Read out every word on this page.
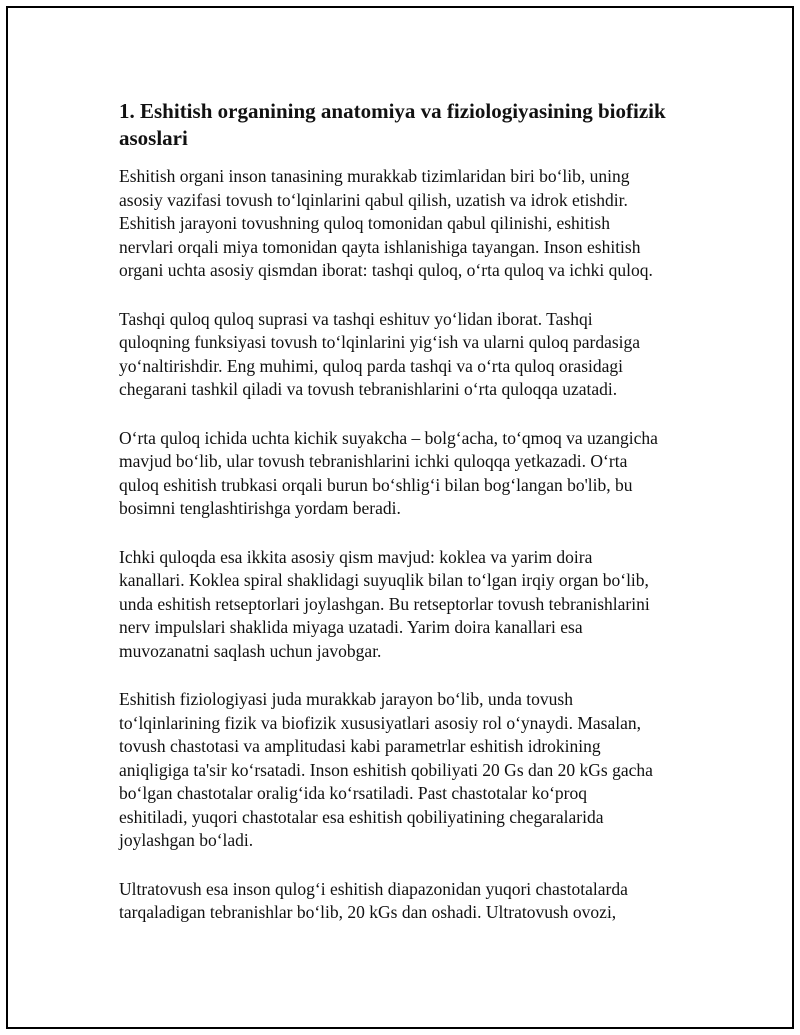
1. Eshitish organining anatomiya va fiziologiyasining biofizik
asoslari

Eshitish organi inson tanasining murakkab tizimlaridan biri bo‘lib, uning
asosiy vazifasi tovush to‘lqinlarini qabul qilish, uzatish va idrok etishdir.
Eshitish jarayoni tovushning quloq tomonidan qabul qilinishi, eshitish
nervlari orqali miya tomonidan qayta ishlanishiga tayangan. Inson eshitish
organi uchta asosiy qismdan iborat: tashqi quloq, o‘rta quloq va ichki quloq.

Tashqi quloq quloq suprasi va tashqi eshituv yo‘lidan iborat. Tashqi
quloqning funksiyasi tovush to‘lqinlarini yig‘ish va ularni quloq pardasiga
yo‘naltirishdir. Eng muhimi, quloq parda tashqi va o‘rta quloq orasidagi
chegarani tashkil qiladi va tovush tebranishlarini o‘rta quloqqa uzatadi.

O‘rta quloq ichida uchta kichik suyakcha – bolg‘acha, to‘qmoq va uzangicha
mavjud bo‘lib, ular tovush tebranishlarini ichki quloqqa yetkazadi. O‘rta
quloq eshitish trubkasi orqali burun bo‘shlig‘i bilan bog‘langan bo'lib, bu
bosimni tenglashtirishga yordam beradi.

Ichki quloqda esa ikkita asosiy qism mavjud: koklea va yarim doira
kanallari. Koklea spiral shaklidagi suyuqlik bilan to‘lgan irqiy organ bo‘lib,
unda eshitish retseptorlari joylashgan. Bu retseptorlar tovush tebranishlarini
nerv impulslari shaklida miyaga uzatadi. Yarim doira kanallari esa
muvozanatni saqlash uchun javobgar.

Eshitish fiziologiyasi juda murakkab jarayon bo‘lib, unda tovush
to‘lqinlarining fizik va biofizik xususiyatlari asosiy rol o‘ynaydi. Masalan,
tovush chastotasi va amplitudasi kabi parametrlar eshitish idrokining
aniqligiga ta'sir ko‘rsatadi. Inson eshitish qobiliyati 20 Gs dan 20 kGs gacha
bo‘lgan chastotalar oralig‘ida ko‘rsatiladi. Past chastotalar ko‘proq
eshitiladi, yuqori chastotalar esa eshitish qobiliyatining chegaralarida
joylashgan bo‘ladi.

Ultratovush esa inson qulog‘i eshitish diapazonidan yuqori chastotalarda
tarqaladigan tebranishlar bo‘lib, 20 kGs dan oshadi. Ultratovush ovozi,
